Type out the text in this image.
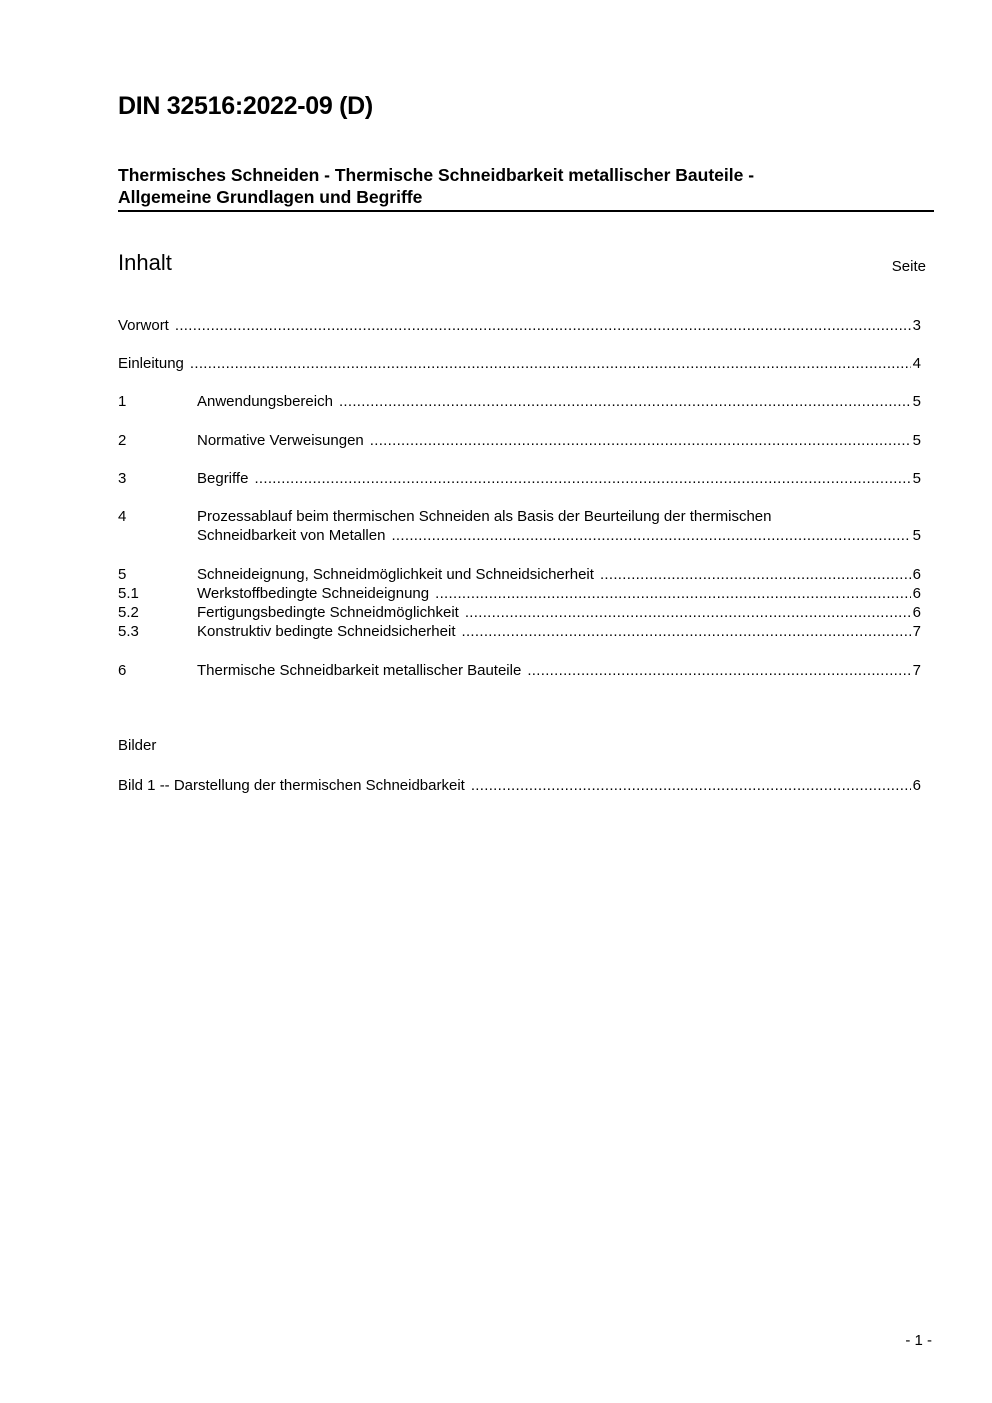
DIN 32516:2022-09 (D)
Thermisches Schneiden - Thermische Schneidbarkeit metallischer Bauteile -
Allgemeine Grundlagen und Begriffe
Inhalt	Seite
Vorwort .....	3
Einleitung .....	4
1	Anwendungsbereich .....	5
2	Normative Verweisungen .....	5
3	Begriffe .....	5
4	Prozessablauf beim thermischen Schneiden als Basis der Beurteilung der thermischen
Schneidbarkeit von Metallen .....	5
5	Schneideignung, Schneidmöglichkeit und Schneidsicherheit .....	6
5.1	Werkstoffbedingte Schneideignung .....	6
5.2	Fertigungsbedingte Schneidmöglichkeit .....	6
5.3	Konstruktiv bedingte Schneidsicherheit .....	7
6	Thermische Schneidbarkeit metallischer Bauteile .....	7
Bilder
Bild 1 -- Darstellung der thermischen Schneidbarkeit .....	6
- 1 -
